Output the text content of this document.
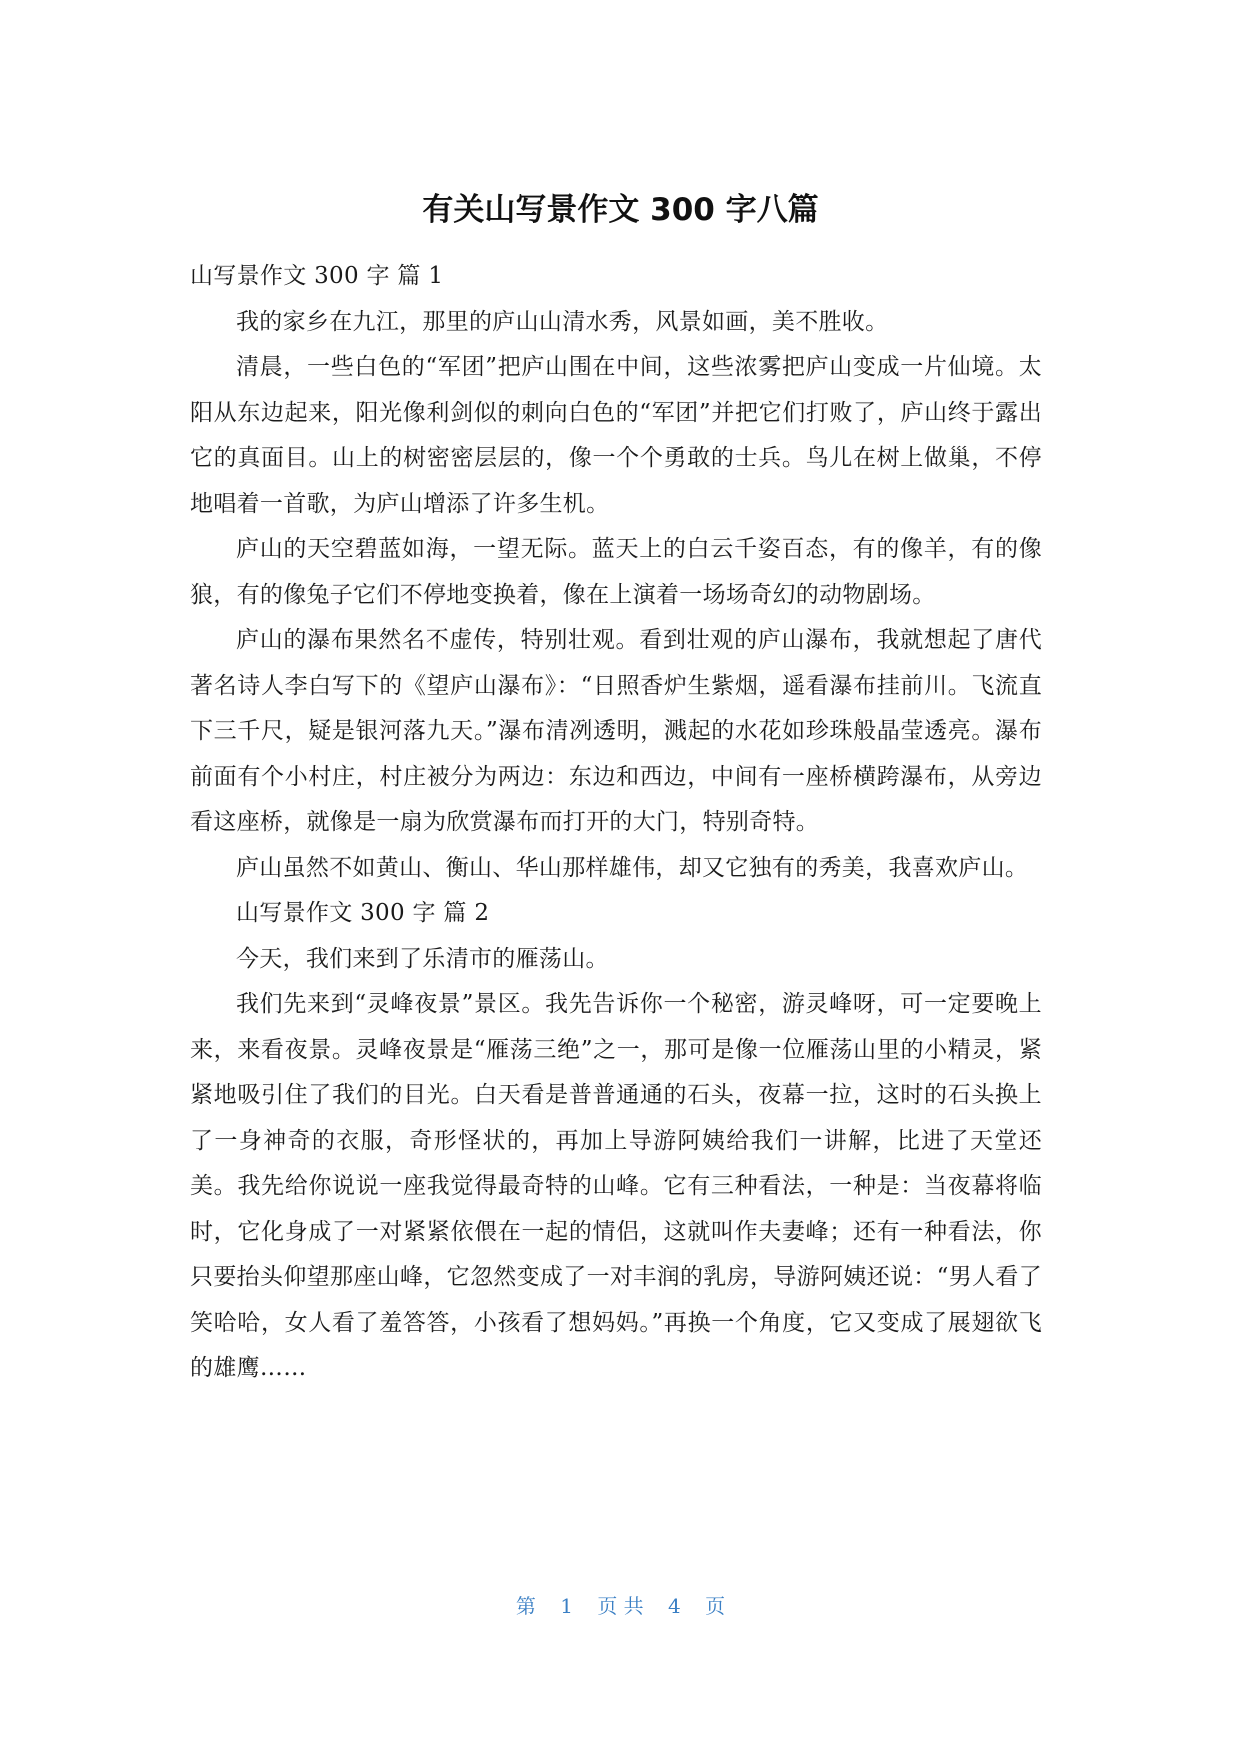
有关山写景作文 300 字八篇

山写景作文 300 字 篇 1

我的家乡在九江，那里的庐山山清水秀，风景如画，美不胜收。

清晨，一些白色的“军团”把庐山围在中间，这些浓雾把庐山变成一片仙境。太阳从东边起来，阳光像利剑似的刺向白色的“军团”并把它们打败了，庐山终于露出它的真面目。山上的树密密层层的，像一个个勇敢的士兵。鸟儿在树上做巢，不停地唱着一首歌，为庐山增添了许多生机。

庐山的天空碧蓝如海，一望无际。蓝天上的白云千姿百态，有的像羊，有的像狼，有的像兔子它们不停地变换着，像在上演着一场场奇幻的动物剧场。

庐山的瀑布果然名不虚传，特别壮观。看到壮观的庐山瀑布，我就想起了唐代著名诗人李白写下的《望庐山瀑布》：“日照香炉生紫烟，遥看瀑布挂前川。飞流直下三千尺，疑是银河落九天。”瀑布清冽透明，溅起的水花如珍珠般晶莹透亮。瀑布前面有个小村庄，村庄被分为两边：东边和西边，中间有一座桥横跨瀑布，从旁边看这座桥，就像是一扇为欣赏瀑布而打开的大门，特别奇特。

庐山虽然不如黄山、衡山、华山那样雄伟，却又它独有的秀美，我喜欢庐山。

山写景作文 300 字 篇 2

今天，我们来到了乐清市的雁荡山。

我们先来到“灵峰夜景”景区。我先告诉你一个秘密，游灵峰呀，可一定要晚上来，来看夜景。灵峰夜景是“雁荡三绝”之一，那可是像一位雁荡山里的小精灵，紧紧地吸引住了我们的目光。白天看是普普通通的石头，夜幕一拉，这时的石头换上了一身神奇的衣服，奇形怪状的，再加上导游阿姨给我们一讲解，比进了天堂还美。我先给你说说一座我觉得最奇特的山峰。它有三种看法，一种是：当夜幕将临时，它化身成了一对紧紧依偎在一起的情侣，这就叫作夫妻峰；还有一种看法，你只要抬头仰望那座山峰，它忽然变成了一对丰润的乳房，导游阿姨还说：“男人看了笑哈哈，女人看了羞答答，小孩看了想妈妈。”再换一个角度，它又变成了展翅欲飞的雄鹰……

第 1 页 共 4 页
